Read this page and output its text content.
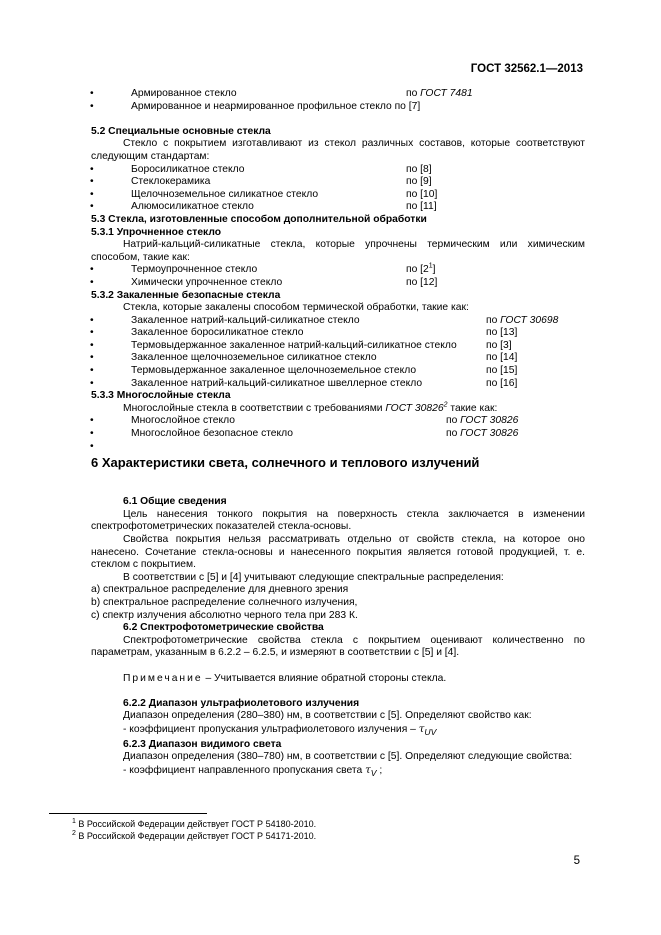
ГОСТ 32562.1—2013
•	Армированное стекло	по ГОСТ 7481
•	Армированное и неармированное профильное стекло по [7]
5.2 Специальные основные стекла

Стекло с покрытием изготавливают из стекол различных составов, которые соответствуют следующим стандартам:

•	Боросиликатное стекло	по [8]
•	Стеклокерамика	по [9]
•	Щелочноземельное силикатное стекло	по [10]
•	Алюмосиликатное стекло	по [11]
5.3 Стекла, изготовленные способом дополнительной обработки
5.3.1 Упрочненное стекло

Натрий-кальций-силикатные стекла, которые упрочнены термическим или химическим способом, такие как:

•	Термоупрочненное стекло	по $[2^1]$
•	Химически упрочненное стекло	по [12]
5.3.2 Закаленные безопасные стекла

Стекла, которые закалены способом термической обработки, такие как:

•	Закаленное натрий-кальций-силикатное стекло	по ГОСТ 30698
•	Закаленное боросиликатное стекло	по [13]
•	Термовыдержанное закаленное натрий-кальций-силикатное стекло	по [3]
•	Закаленное щелочноземельное силикатное стекло	по [14]
•	Термовыдержанное закаленное щелочноземельное стекло	по [15]
•	Закаленное натрий-кальций-силикатное швеллерное стекло	по [16]
5.3.3 Многослойные стекла

Многослойные стекла в соответствии с требованиями ГОСТ 30826$^2$ такие как:

•	Многослойное стекло	по ГОСТ 30826
•	Многослойное безопасное стекло	по ГОСТ 30826
•
6 Характеристики света, солнечного и теплового излучений
6.1 Общие сведения

Цель нанесения тонкого покрытия на поверхность стекла заключается в изменении спектрофотометрических показателей стекла-основы.

Свойства покрытия нельзя рассматривать отдельно от свойств стекла, на которое оно нанесено. Сочетание стекла-основы и нанесенного покрытия является готовой продукцией, т. е. стеклом с покрытием.

В соответствии с [5] и [4] учитывают следующие спектральные распределения:

a) спектральное распределение для дневного зрения

b) спектральное распределение солнечного излучения,

c) спектр излучения абсолютно черного тела при 283 К.

6.2 Спектрофотометрические свойства

Спектрофотометрические свойства стекла с покрытием оценивают количественно по параметрам, указанным в 6.2.2 – 6.2.5, и измеряют в соответствии с [5] и [4].

Примечание – Учитывается влияние обратной стороны стекла.

6.2.2 Диапазон ультрафиолетового излучения

Диапазон определения (280–380) нм, в соответствии с [5]. Определяют свойство как:

- коэффициент пропускания ультрафиолетового излучения – $\tau_{UV}$

6.2.3 Диапазон видимого света

Диапазон определения (380–780) нм, в соответствии с [5]. Определяют следующие свойства:

- коэффициент направленного пропускания света $\tau_V$ ;

$^1$ В Российской Федерации действует ГОСТ Р 54180-2010.
$^2$ В Российской Федерации действует ГОСТ Р 54171-2010.
5
